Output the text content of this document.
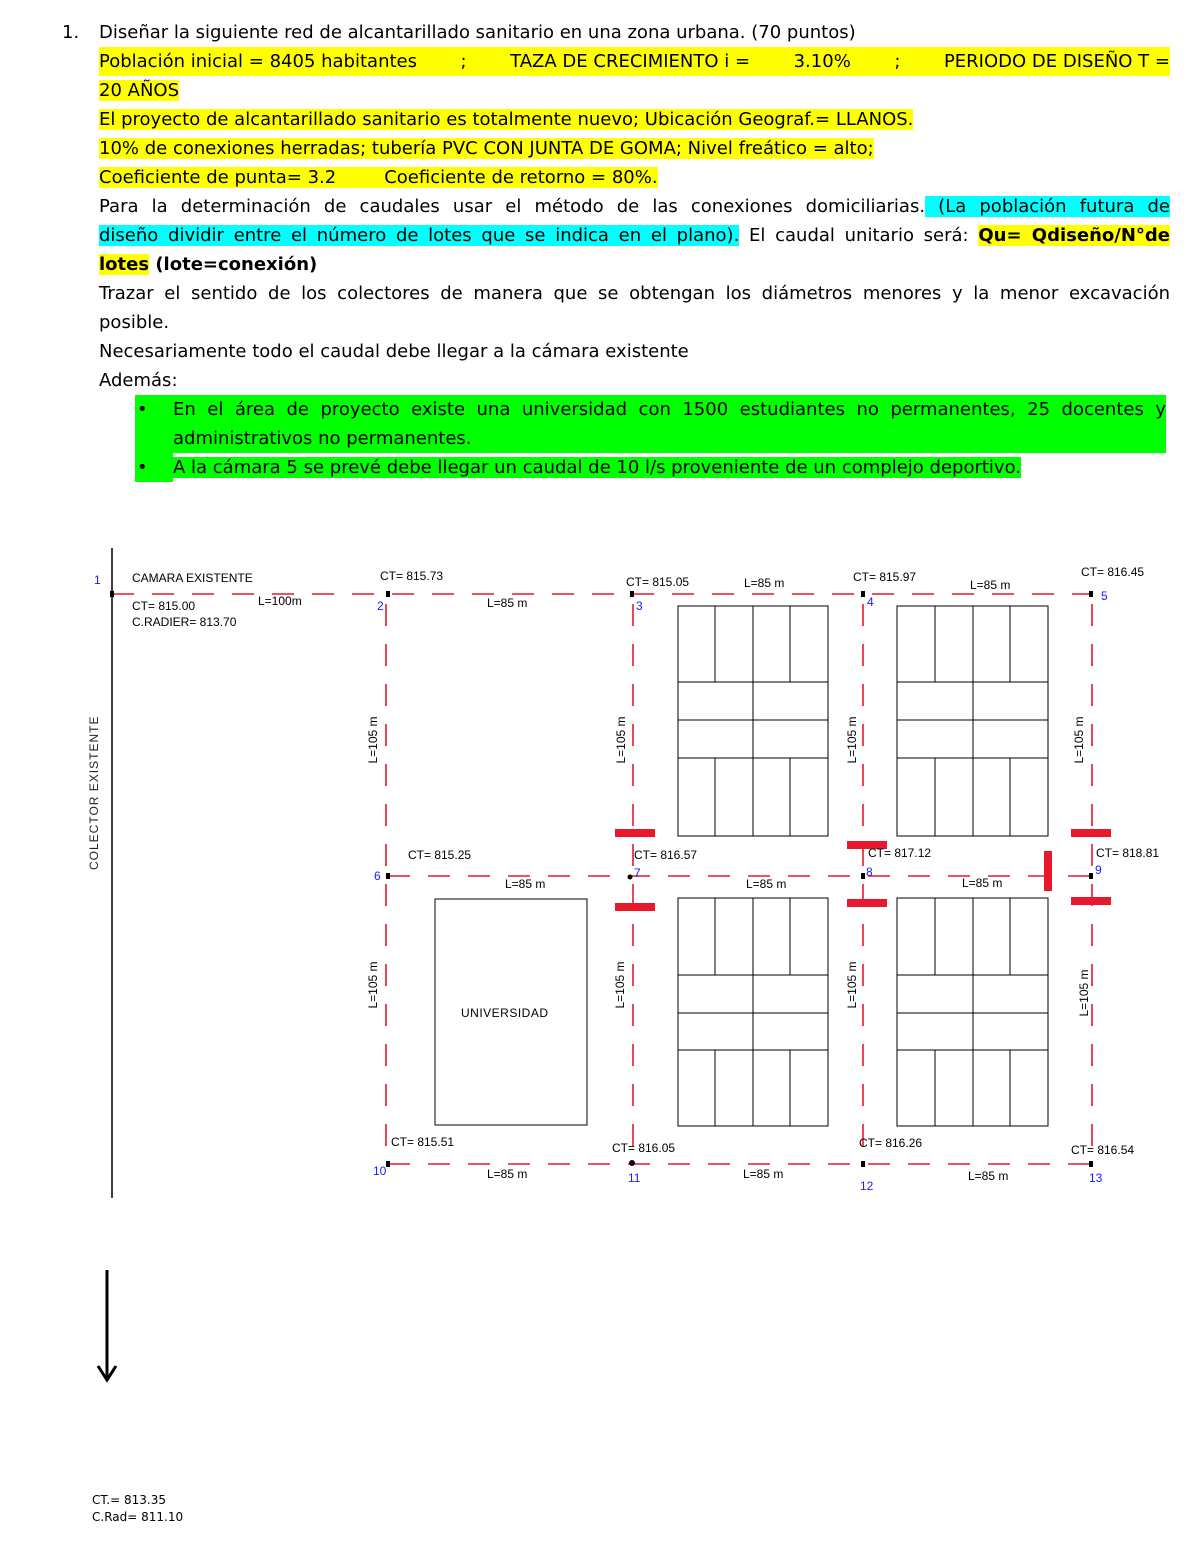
1.	Diseñar la siguiente red de alcantarillado sanitario en una zona urbana. (70 puntos)
Población inicial = 8405 habitantes ; TAZA DE CRECIMIENTO i = 3.10% ; PERIODO DE DISEÑO T =
20 AÑOS
El proyecto de alcantarillado sanitario es totalmente nuevo; Ubicación Geograf.= LLANOS.
10% de conexiones herradas; tubería PVC CON JUNTA DE GOMA; Nivel freático = alto;
Coeficiente de punta= 3.2	Coeficiente de retorno = 80%.
Para la determinación de caudales usar el método de las conexiones domiciliarias. (La población futura de
diseño dividir entre el número de lotes que se indica en el plano). El caudal unitario será: Qu= Qdiseño/N°de
lotes (lote=conexión)
Trazar el sentido de los colectores de manera que se obtengan los diámetros menores y la menor excavación
posible.
Necesariamente todo el caudal debe llegar a la cámara existente
Además:
• En el área de proyecto existe una universidad con 1500 estudiantes no permanentes, 25 docentes y
administrativos no permanentes.
•	A la cámara 5 se prevé debe llegar un caudal de 10 l/s proveniente de un complejo deportivo.
COLECTOR EXISTENTE
UNIVERSIDAD
CAMARA EXISTENTE
CT= 815.00
C.RADIER= 813.70
1
2	3	4	5
6	7	8	9
10	11
12
13
CT= 815.73	CT= 815.05	CT= 815.97	CT= 816.45
CT= 815.25	CT= 816.57	CT= 817.12	CT= 818.81
CT= 815.51	CT= 816.05	CT= 816.26	CT= 816.54
L=100m	L=85 m
L=85 m	L=85 m
L=85 m	L=85 m	L=85 m
L=85 m	L=85 m	L=85 m
L=105 m	L=105 m	L=105 m	L=105 m
L=105 m	L=105 m	L=105 m	L=105 m
CT.= 813.35
C.Rad= 811.10
